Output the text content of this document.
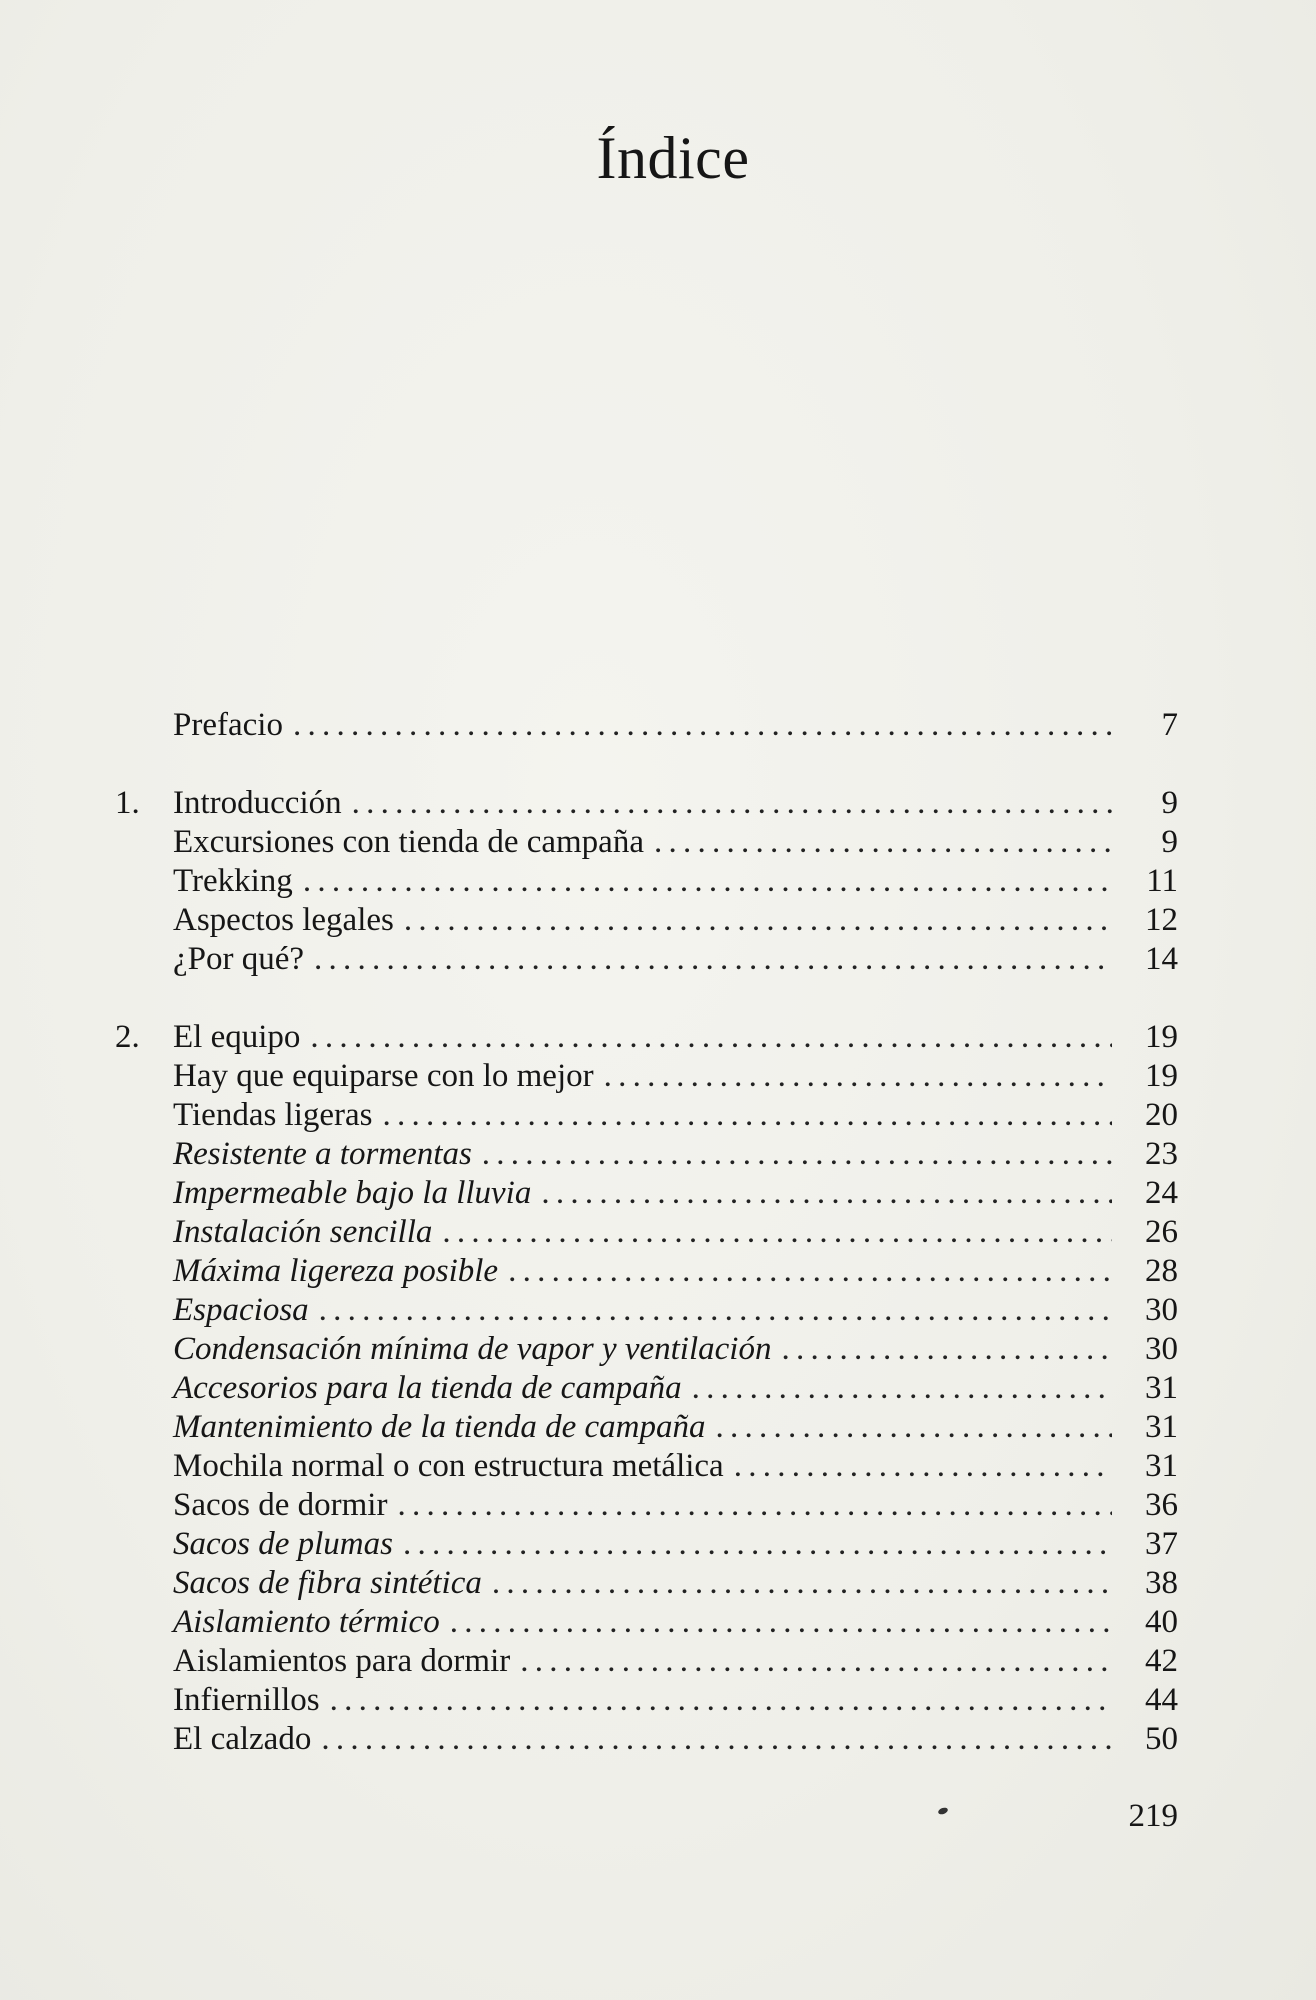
Índice
Prefacio . . .	7
1.	Introducción . . .	9
Excursiones con tienda de campaña . . .	9
Trekking . . .	11
Aspectos legales . . .	12
¿Por qué? . . .	14
2.	El equipo . . .	19
Hay que equiparse con lo mejor . . .	19
Tiendas ligeras . . .	20
Resistente a tormentas . . .	23
Impermeable bajo la lluvia . . .	24
Instalación sencilla . . .	26
Máxima ligereza posible . . .	28
Espaciosa . . .	30
Condensación mínima de vapor y ventilación . . .	30
Accesorios para la tienda de campaña . . .	31
Mantenimiento de la tienda de campaña . . .	31
Mochila normal o con estructura metálica . . .	31
Sacos de dormir . . .	36
Sacos de plumas . . .	37
Sacos de fibra sintética . . .	38
Aislamiento térmico . . .	40
Aislamientos para dormir . . .	42
Infiernillos . . .	44
El calzado . . .	50
219
